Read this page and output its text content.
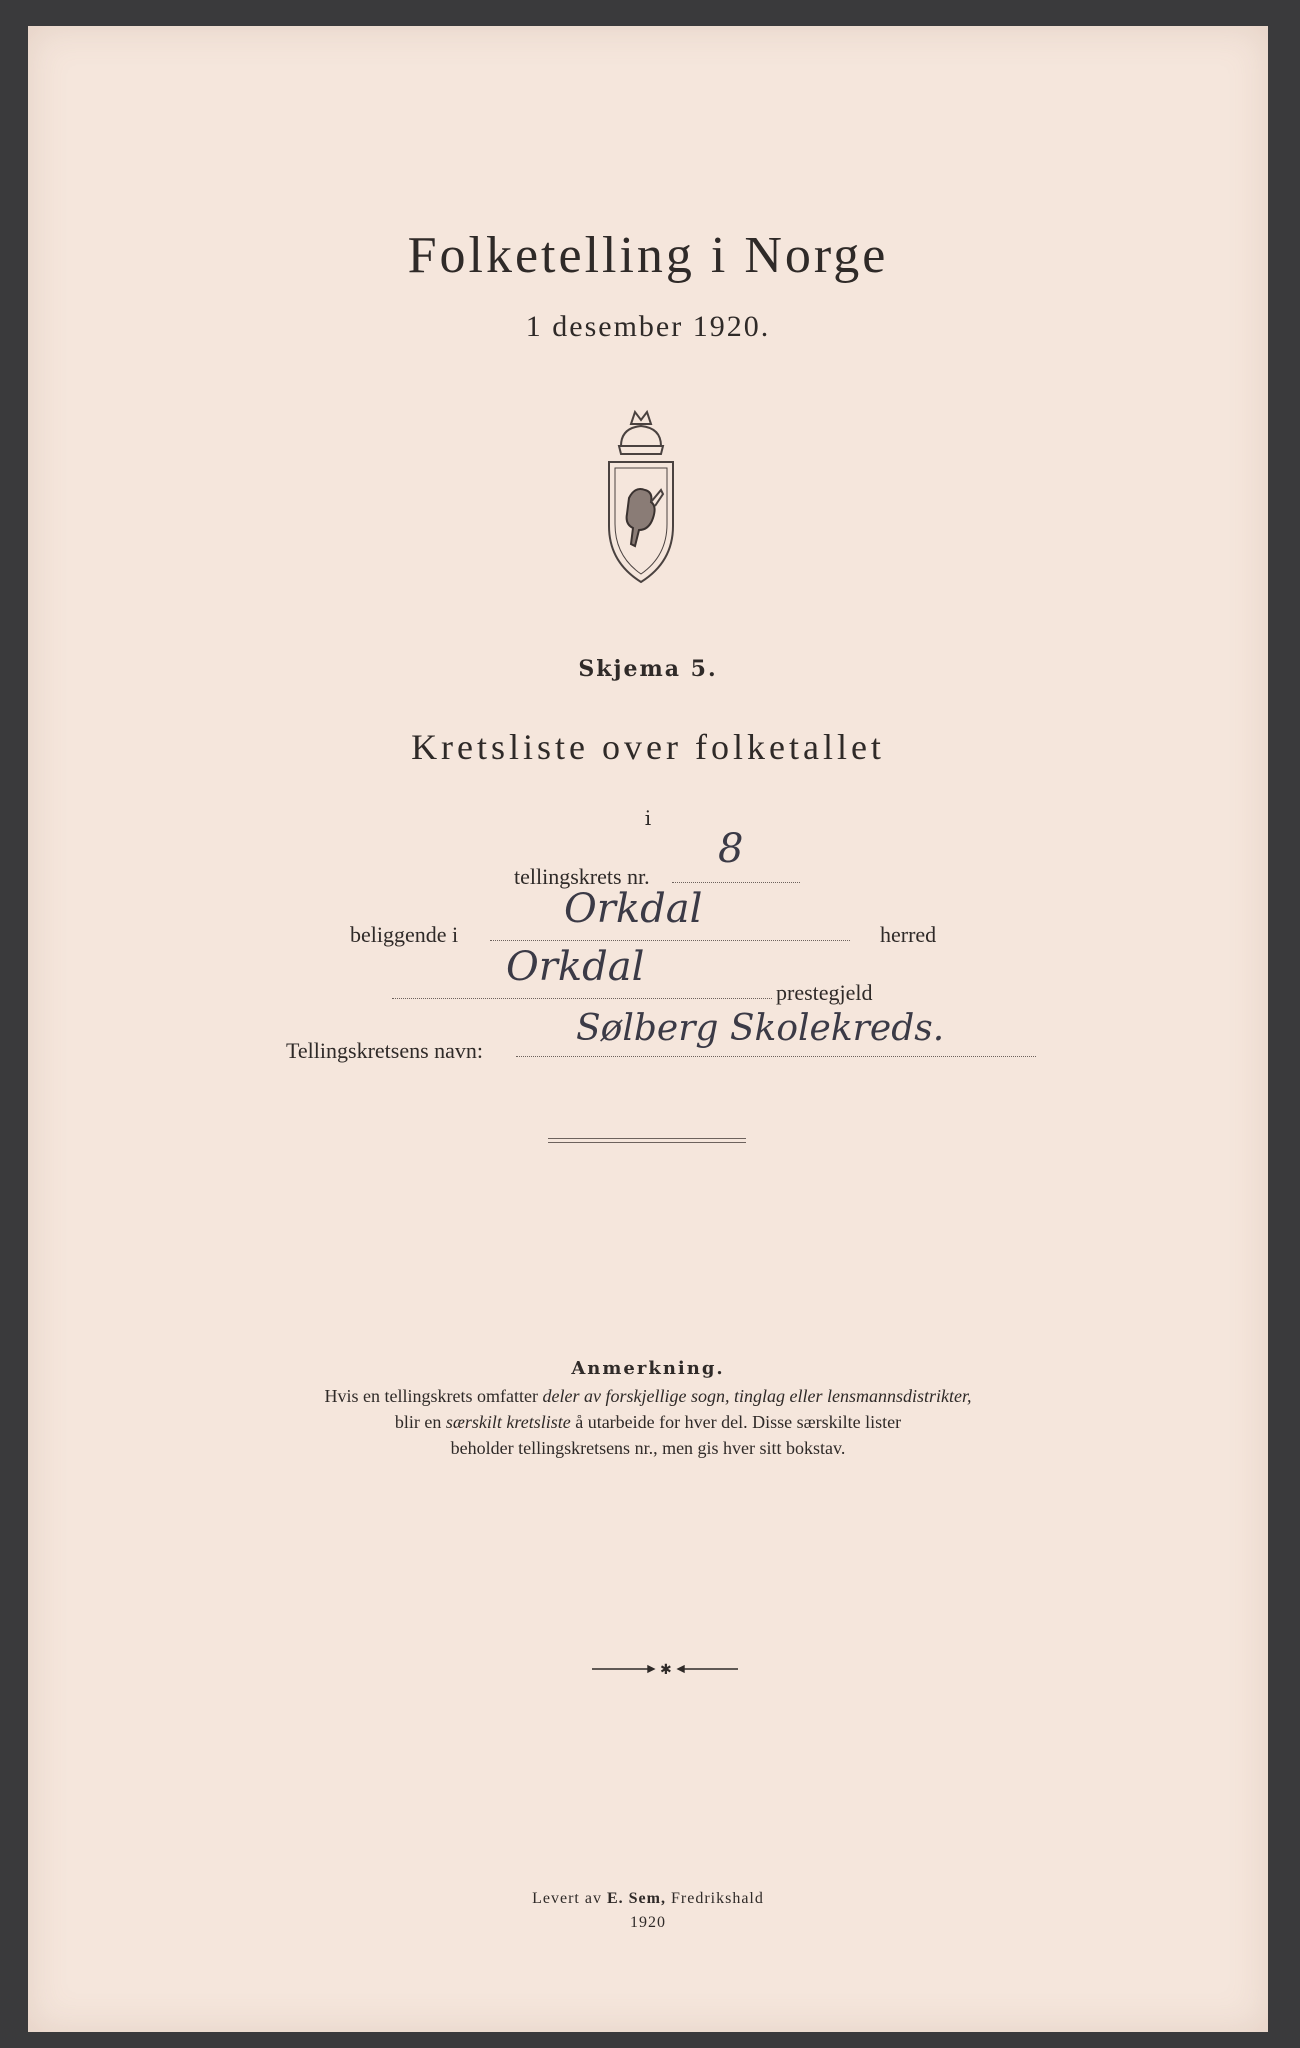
Folketelling i Norge
1 desember 1920.
Skjema 5.
Kretsliste over folketallet
i
tellingskrets nr.
8
beliggende i
Orkdal
herred
Orkdal
prestegjeld
Tellingskretsens navn:
Sølberg Skolekreds.
Anmerkning.
Hvis en tellingskrets omfatter deler av forskjellige sogn, tinglag eller lensmannsdistrikter,
blir en særskilt kretsliste å utarbeide for hver del. Disse særskilte lister
beholder tellingskretsens nr., men gis hver sitt bokstav.
✱
Levert av E. Sem, Fredrikshald
1920
